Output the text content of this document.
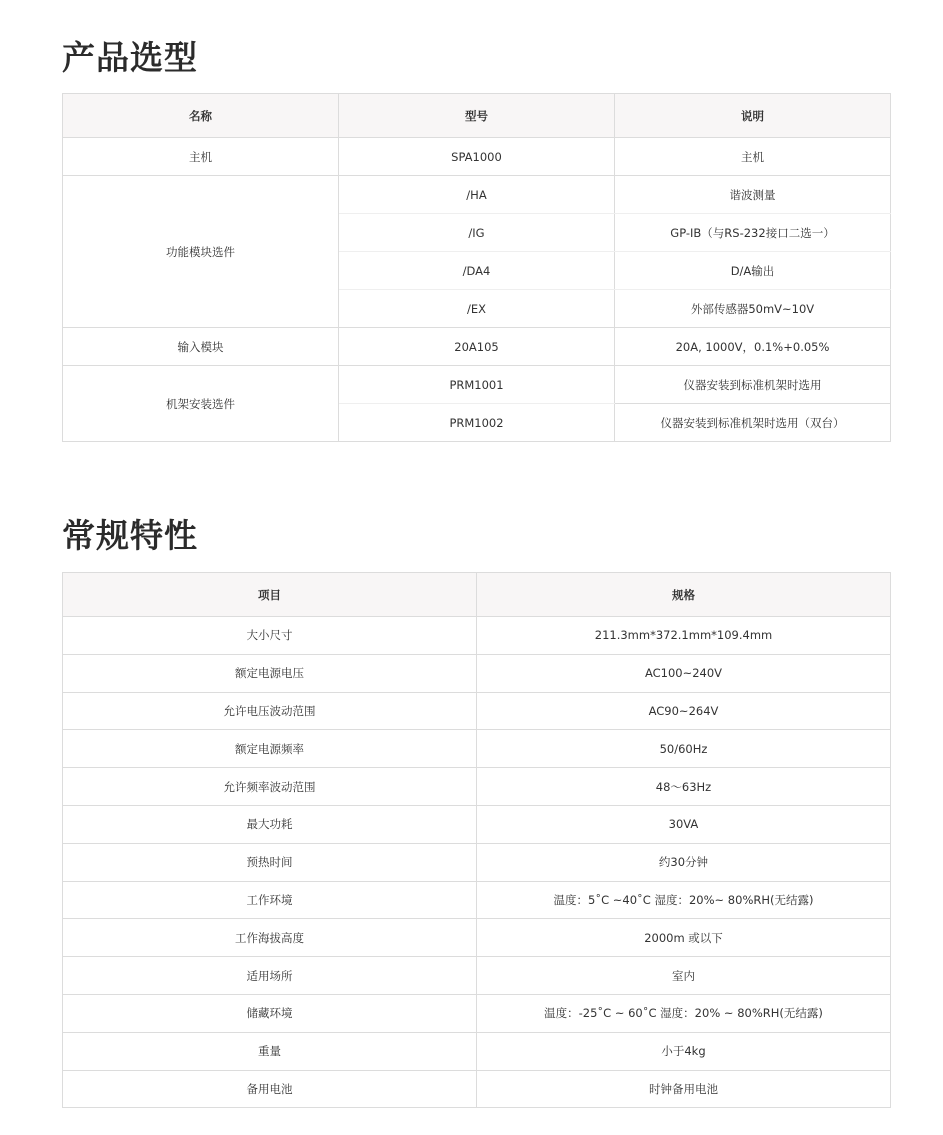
产品选型
名称	型号	说明
主机	SPA1000	主机
功能模块选件	/HA	谐波测量
	/IG	GP-IB（与RS-232接口二选一）
	/DA4	D/A输出
	/EX	外部传感器50mV~10V
输入模块	20A105	20A, 1000V，0.1%+0.05%
机架安装选件	PRM1001	仪器安装到标准机架时选用
	PRM1002	仪器安装到标准机架时选用（双台）
常规特性
项目	规格
大小尺寸	211.3mm*372.1mm*109.4mm
额定电源电压	AC100~240V
允许电压波动范围	AC90~264V
额定电源频率	50/60Hz
允许频率波动范围	48～63Hz
最大功耗	30VA
预热时间	约30分钟
工作环境	温度：5˚C ~40˚C 湿度：20%~ 80%RH(无结露)
工作海拔高度	2000m 或以下
适用场所	室内
储藏环境	温度：-25˚C ~ 60˚C 湿度：20% ~ 80%RH(无结露)
重量	小于4kg
备用电池	时钟备用电池
